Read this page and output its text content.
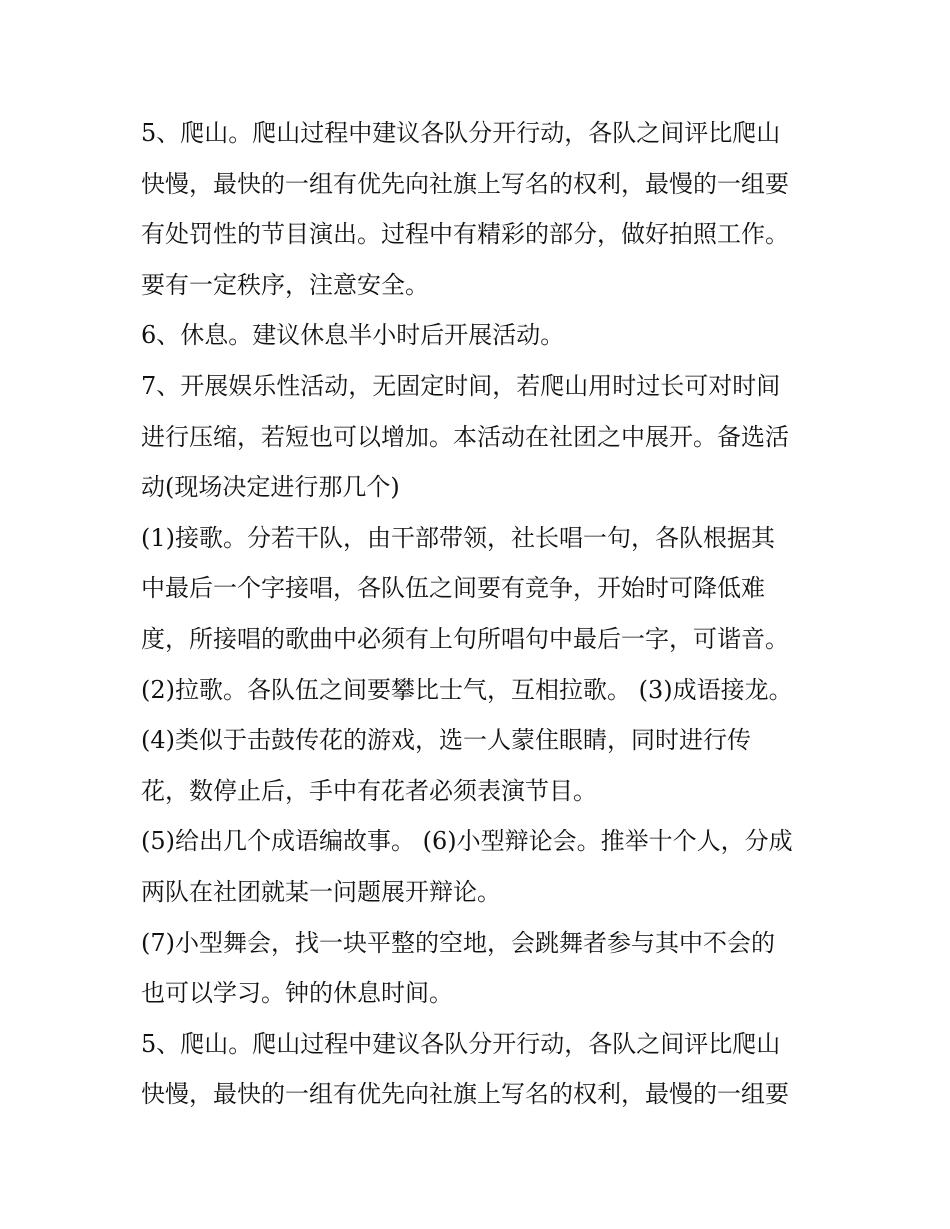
5、爬山。爬山过程中建议各队分开行动，各队之间评比爬山
快慢，最快的一组有优先向社旗上写名的权利，最慢的一组要
有处罚性的节目演出。过程中有精彩的部分，做好拍照工作。
要有一定秩序，注意安全。
6、休息。建议休息半小时后开展活动。
7、开展娱乐性活动，无固定时间，若爬山用时过长可对时间
进行压缩，若短也可以增加。本活动在社团之中展开。备选活
动(现场决定进行那几个)
(1)接歌。分若干队，由干部带领，社长唱一句，各队根据其
中最后一个字接唱，各队伍之间要有竞争，开始时可降低难
度，所接唱的歌曲中必须有上句所唱句中最后一字，可谐音。
(2)拉歌。各队伍之间要攀比士气，互相拉歌。 (3)成语接龙。
(4)类似于击鼓传花的游戏，选一人蒙住眼睛，同时进行传
花，数停止后，手中有花者必须表演节目。
(5)给出几个成语编故事。 (6)小型辩论会。推举十个人，分成
两队在社团就某一问题展开辩论。
(7)小型舞会，找一块平整的空地，会跳舞者参与其中不会的
也可以学习。钟的休息时间。
5、爬山。爬山过程中建议各队分开行动，各队之间评比爬山
快慢，最快的一组有优先向社旗上写名的权利，最慢的一组要
